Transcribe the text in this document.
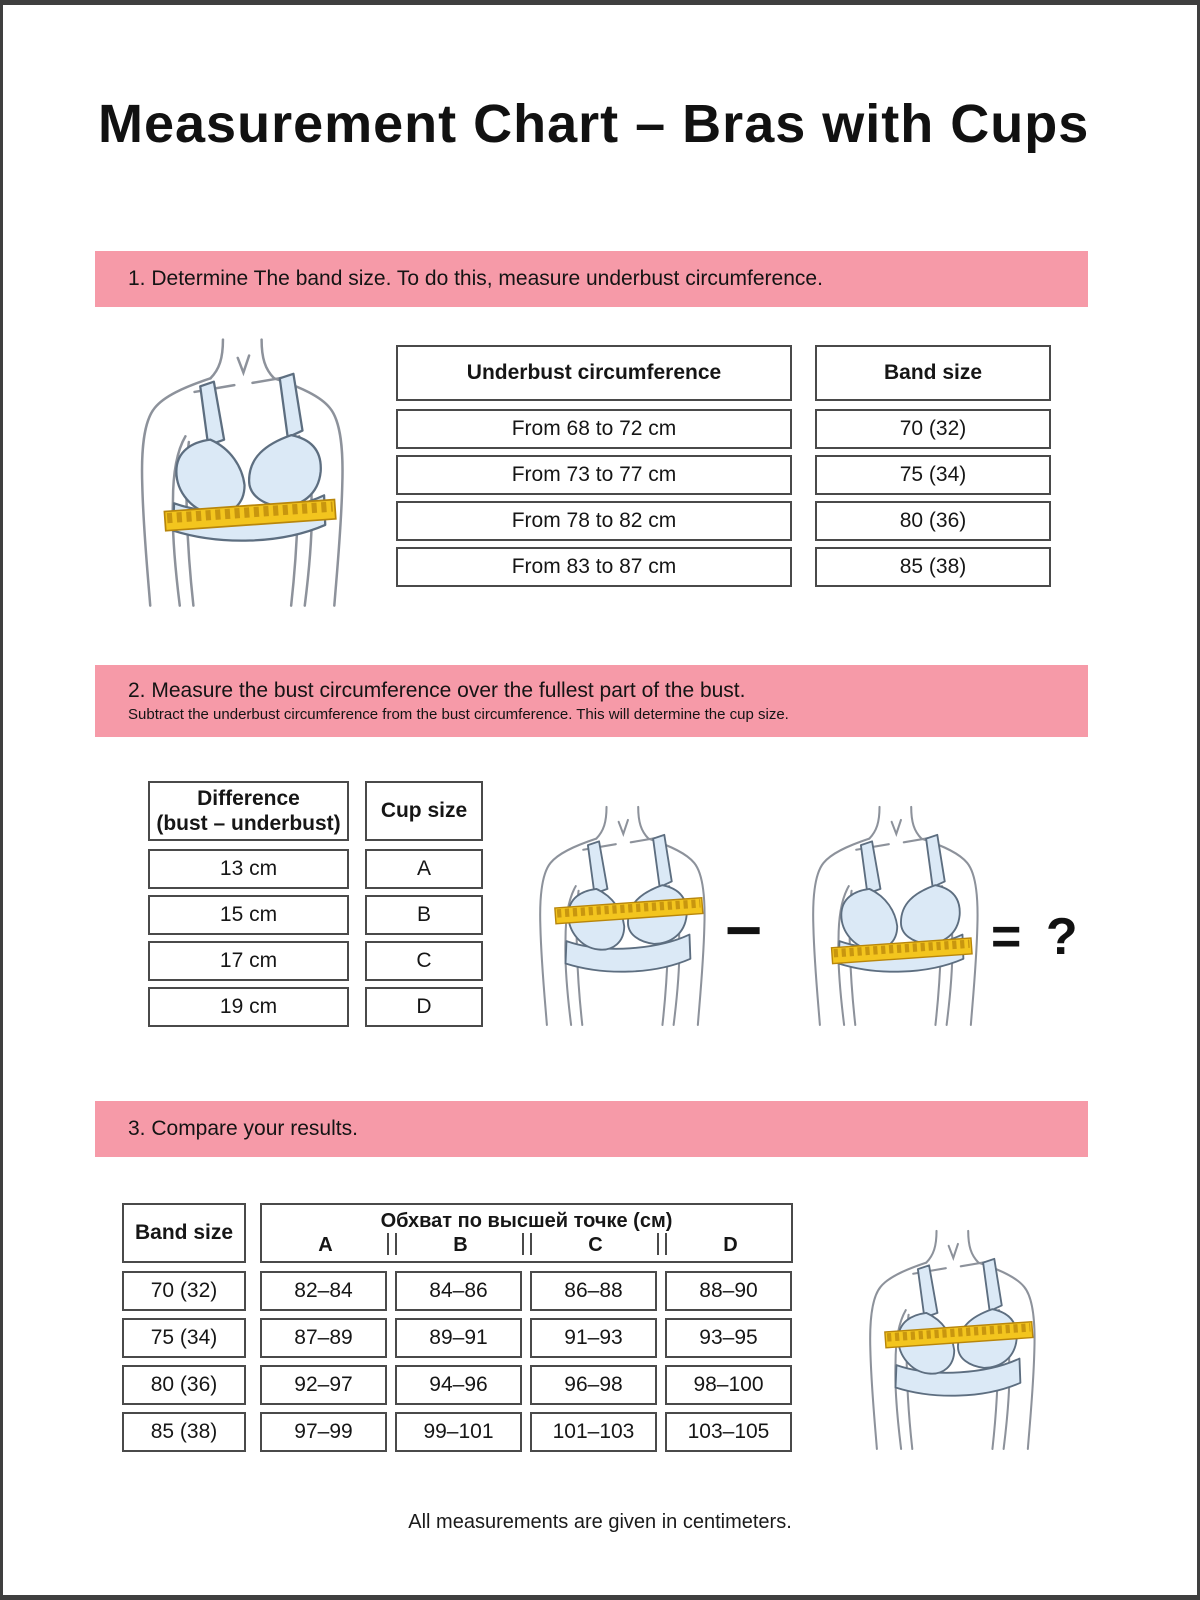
Measurement Chart – Bras with Cups
1. Determine The band size. To do this, measure underbust circumference.
Underbust circumference	Band size
From 68 to 72 cm	70 (32)
From 73 to 77 cm	75 (34)
From 78 to 82 cm	80 (36)
From 83 to 87 cm	85 (38)
2. Measure the bust circumference over the fullest part of the bust.
Subtract the underbust circumference from the bust circumference. This will determine the cup size.
Difference
(bust – underbust)
Cup size
13 cm	A
15 cm	B
17 cm	C
19 cm	D
−	= ?
3. Compare your results.
Band size	Обхват по высшей точке (см)
A	B	C	D
70 (32)	82–84	84–86	86–88	88–90
75 (34)	87–89	89–91	91–93	93–95
80 (36)	92–97	94–96	96–98	98–100
85 (38)	97–99	99–101	101–103	103–105
All measurements are given in centimeters.
